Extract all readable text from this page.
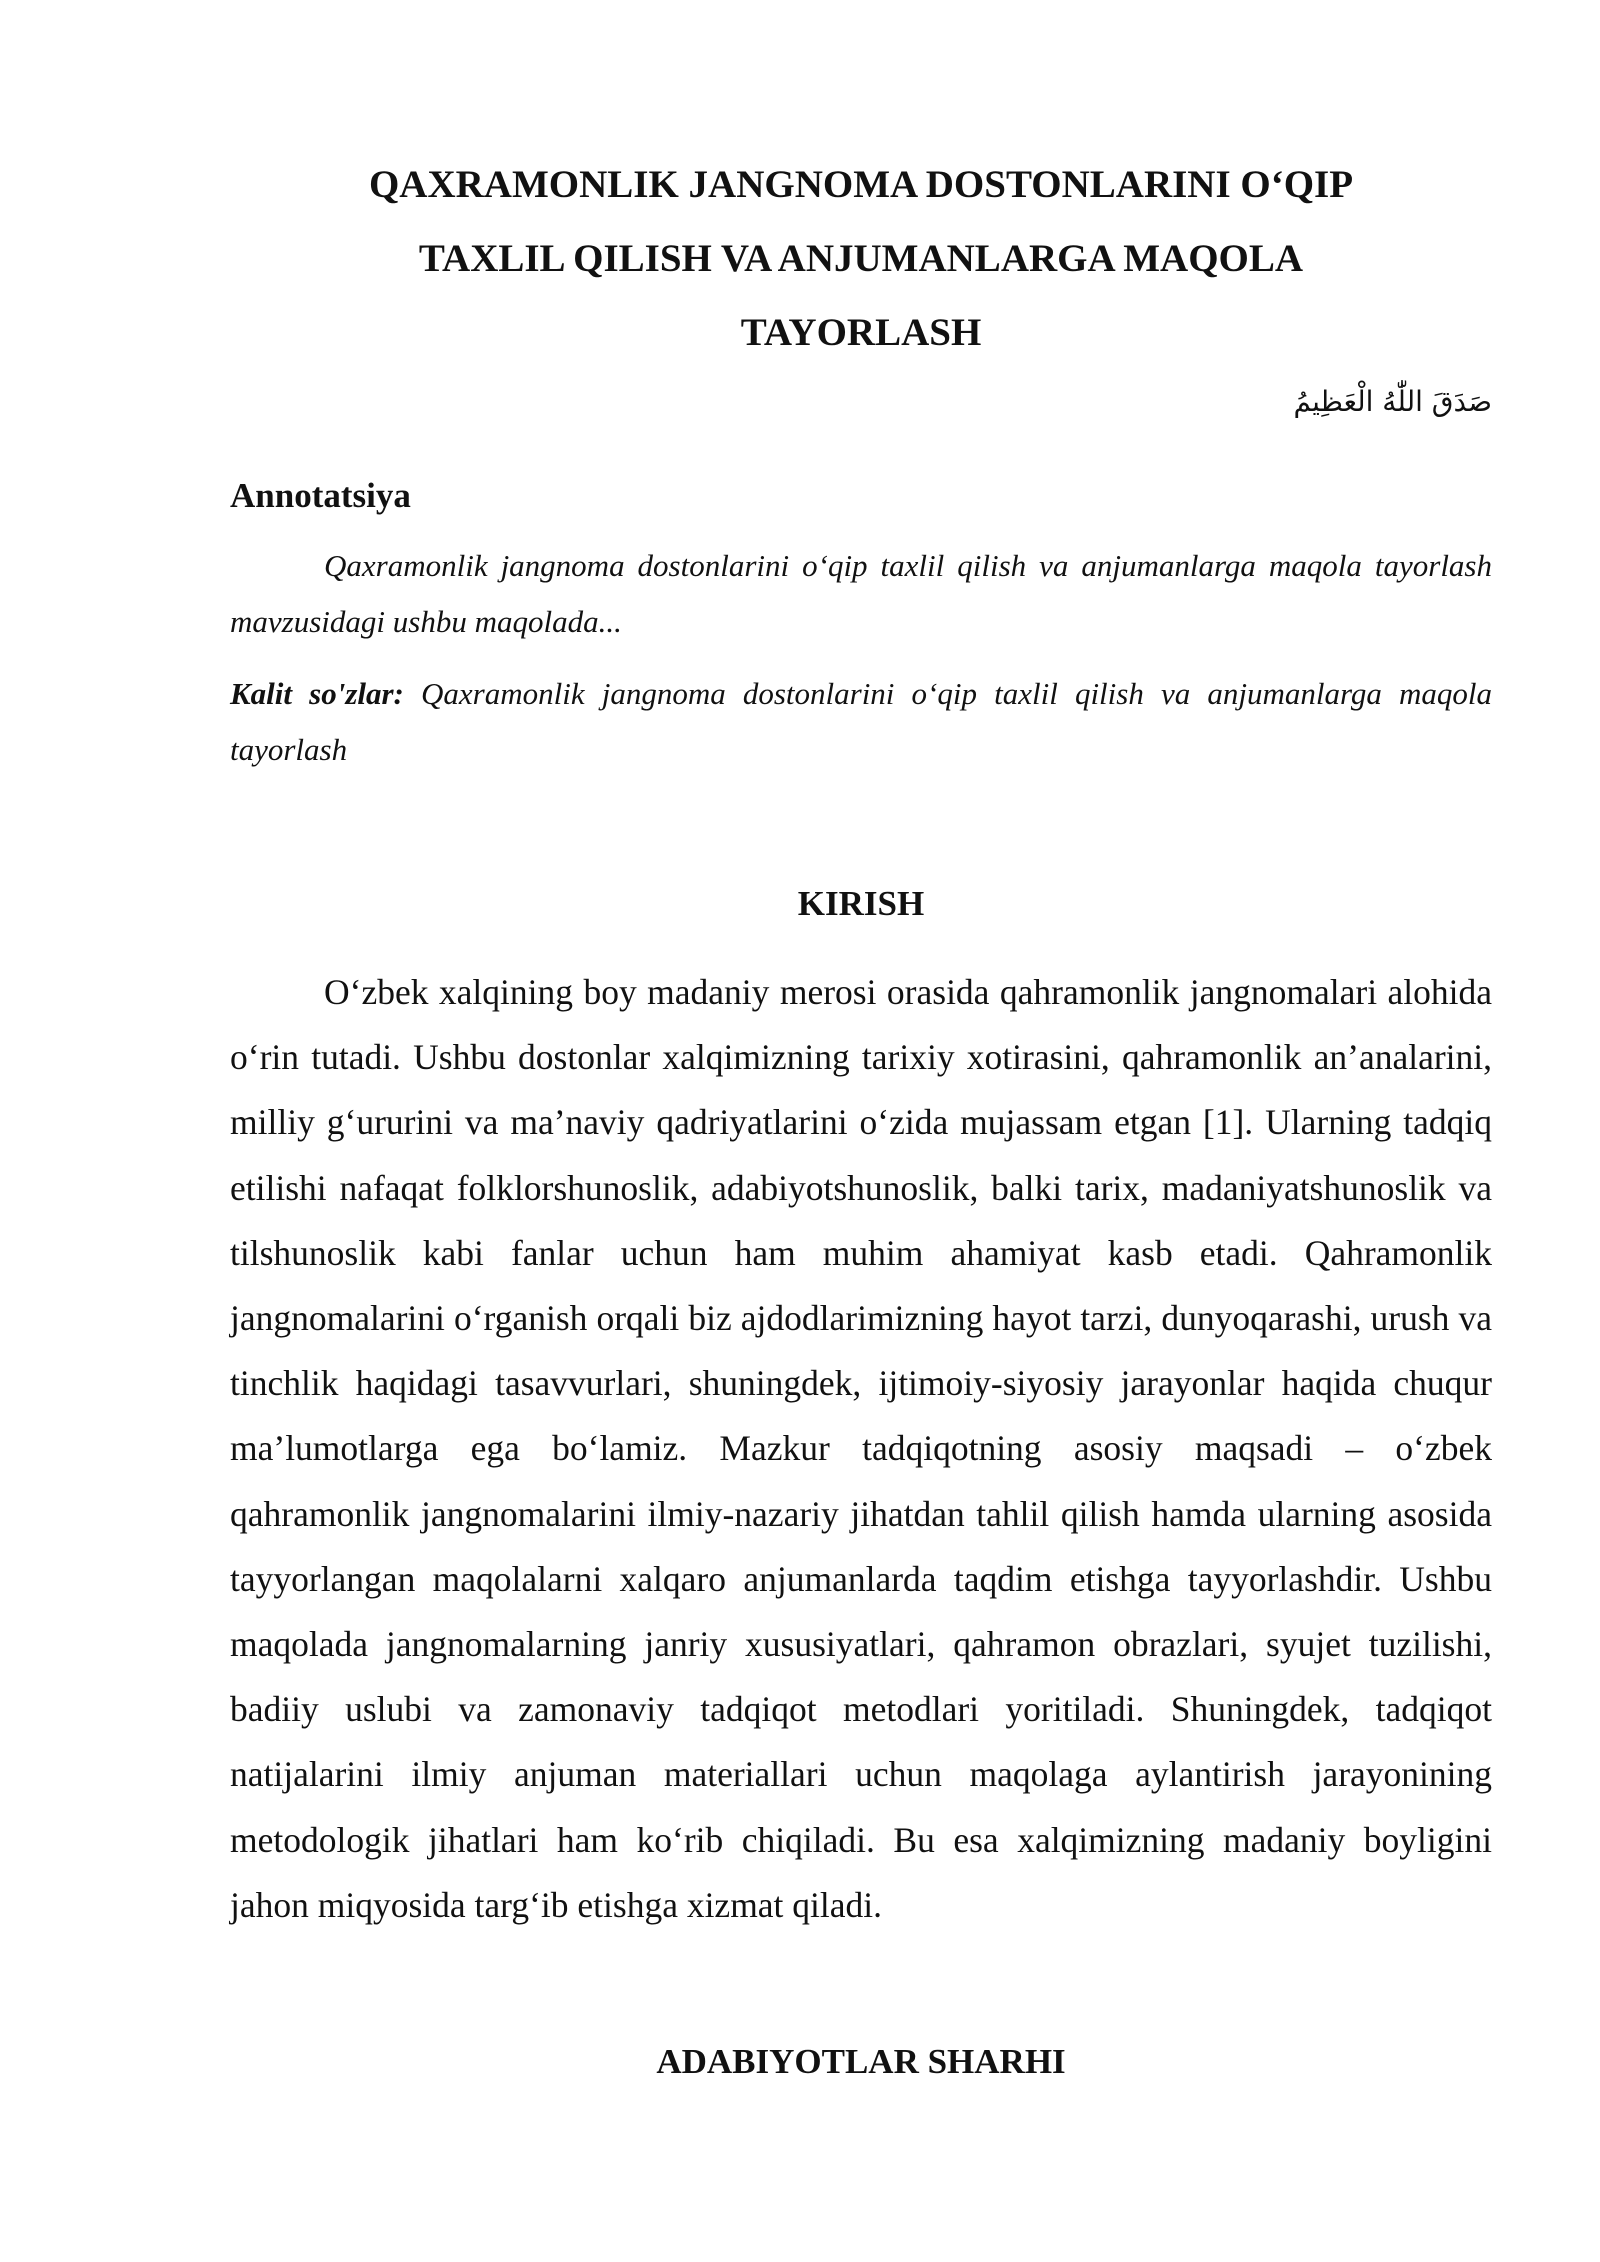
QAXRAMONLIK JANGNOMA DOSTONLARINI O‘QIP
TAXLIL QILISH VA ANJUMANLARGA MAQOLA
TAYORLASH

صَدَقَ اللّٰهُ الْعَظِيمُ

Annotatsiya

Qaxramonlik jangnoma dostonlarini o‘qip taxlil qilish va anjumanlarga maqola tayorlash mavzusidagi ushbu maqolada...

Kalit so'zlar: Qaxramonlik jangnoma dostonlarini o‘qip taxlil qilish va anjumanlarga maqola tayorlash

KIRISH

O‘zbek xalqining boy madaniy merosi orasida qahramonlik jangnomalari alohida o‘rin tutadi. Ushbu dostonlar xalqimizning tarixiy xotirasini, qahramonlik an’analarini, milliy g‘ururini va ma’naviy qadriyatlarini o‘zida mujassam etgan [1]. Ularning tadqiq etilishi nafaqat folklorshunoslik, adabiyotshunoslik, balki tarix, madaniyatshunoslik va tilshunoslik kabi fanlar uchun ham muhim ahamiyat kasb etadi. Qahramonlik jangnomalarini o‘rganish orqali biz ajdodlarimizning hayot tarzi, dunyoqarashi, urush va tinchlik haqidagi tasavvurlari, shuningdek, ijtimoiy-siyosiy jarayonlar haqida chuqur ma’lumotlarga ega bo‘lamiz. Mazkur tadqiqotning asosiy maqsadi – o‘zbek qahramonlik jangnomalarini ilmiy-nazariy jihatdan tahlil qilish hamda ularning asosida tayyorlangan maqolalarni xalqaro anjumanlarda taqdim etishga tayyorlashdir. Ushbu maqolada jangnomalarning janriy xususiyatlari, qahramon obrazlari, syujet tuzilishi, badiiy uslubi va zamonaviy tadqiqot metodlari yoritiladi. Shuningdek, tadqiqot natijalarini ilmiy anjuman materiallari uchun maqolaga aylantirish jarayonining metodologik jihatlari ham ko‘rib chiqiladi. Bu esa xalqimizning madaniy boyligini jahon miqyosida targ‘ib etishga xizmat qiladi.

ADABIYOTLAR SHARHI
